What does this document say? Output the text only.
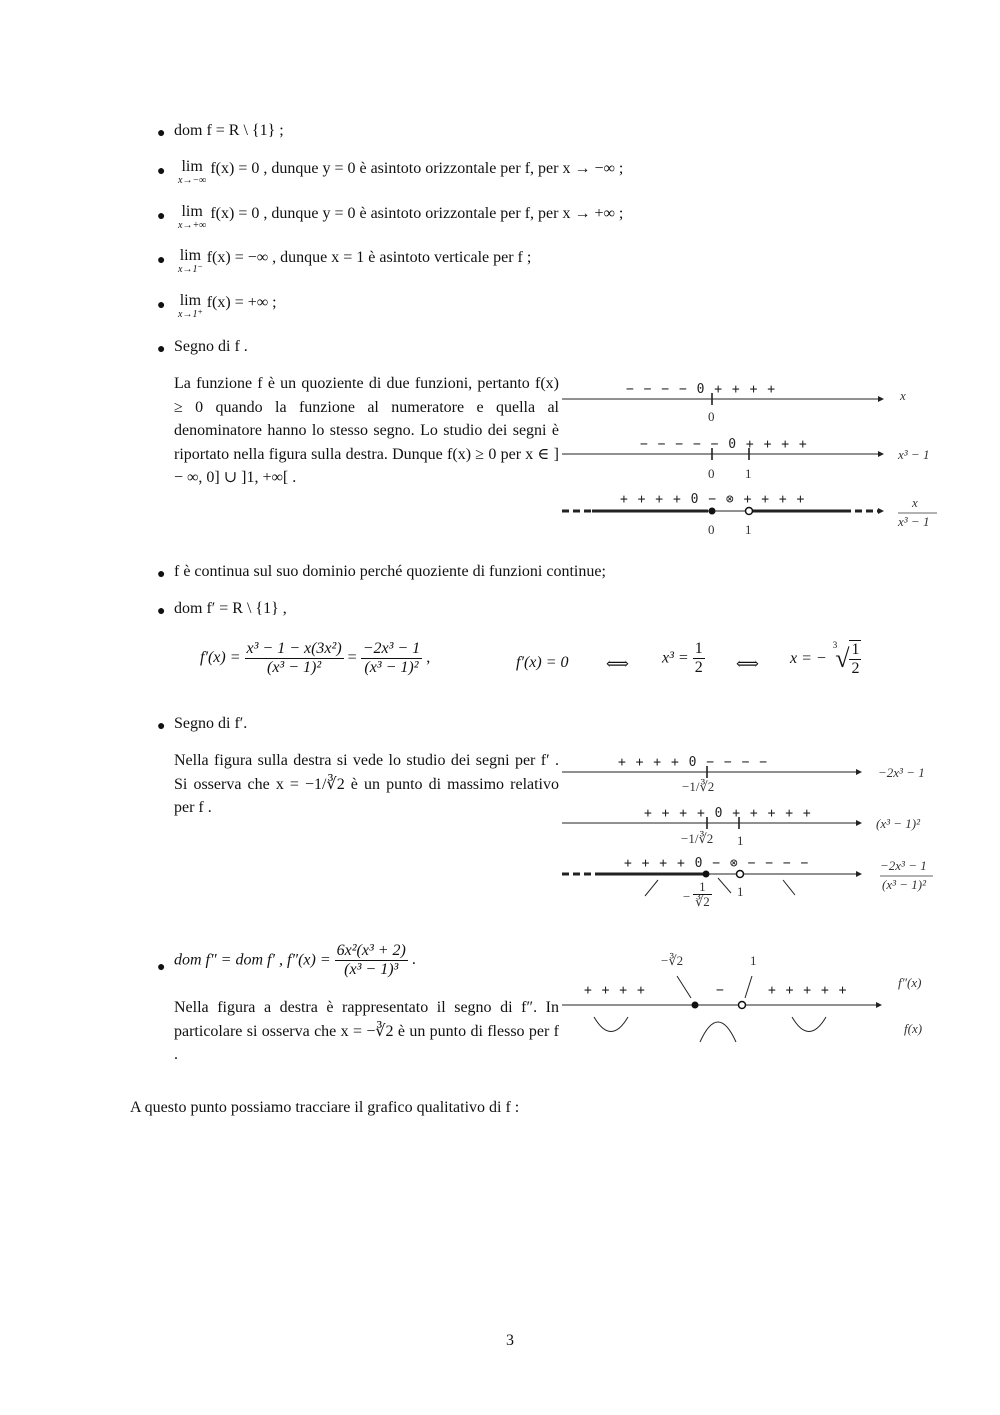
● dom f = R \ {1} ;
● lim
x→−∞
f(x) = 0 , dunque y = 0 è asintoto orizzontale per f, per x → −∞ ;
● lim
x→+∞
f(x) = 0 , dunque y = 0 è asintoto orizzontale per f, per x → +∞ ;
● lim
x→1⁻
f(x) = −∞ , dunque x = 1 è asintoto verticale per f ;
● lim
x→1⁺
f(x) = +∞ ;
● Segno di f .
La funzione f è un quoziente di due funzioni, pertanto f(x) ≥ 0 quando la funzione al numeratore e quella al denominatore hanno lo stesso segno. Lo studio dei segni è riportato nella figura sulla destra. Dunque f(x) ≥ 0 per x ∈ ] − ∞, 0] ∪ ]1, +∞[ .
− − − − 0 + + + +	x
0
− − − − − 0 + + + +
x³ − 1
0 1
+ + + + 0 − ⊗ + + + +	x
x³ − 1
0 1
● f è continua sul suo dominio perché quoziente di funzioni continue;
● dom f′ = R \ {1} ,
$f'(x) = \frac{\text{x³ − 1 − x(3x²)}}{\text{(x³ − 1)²}} = \frac{\text{−2x³ − 1}}{\text{(x³ − 1)²}}$ ,	f′(x) = 0 ⟺ $x^3 = \frac{1}{2}$ ⟺ x = − $^3√ \frac{1}{2}$
● Segno di f′.
Nella figura sulla destra si vede lo studio dei segni per f′ . Si osserva che x = −1/∛2 è un punto di massimo relativo per f .
+ + + + 0 − − − −
−2x³ − 1
−1/∛2
+ + + + 0 + + + + +
(x³ − 1)²
−1/∛2 1
+ + + + 0 − ⊗ − − − −	−2x³ − 1
(x³ − 1)²
− $\frac{1}{∛2} 1$
● dom f″ = dom f′ , $f''(x) = \frac{\text{6x²(x³ + 2)}}{\text{(x³ − 1)³}}$ .
Nella figura a destra è rappresentato il segno di f″. In particolare si osserva che x = −∛2 è un punto di flesso per f .
−∛2	1
+ + + +	−	+ + + + +
f″(x)
f(x)
A questo punto possiamo tracciare il grafico qualitativo di f :
3
